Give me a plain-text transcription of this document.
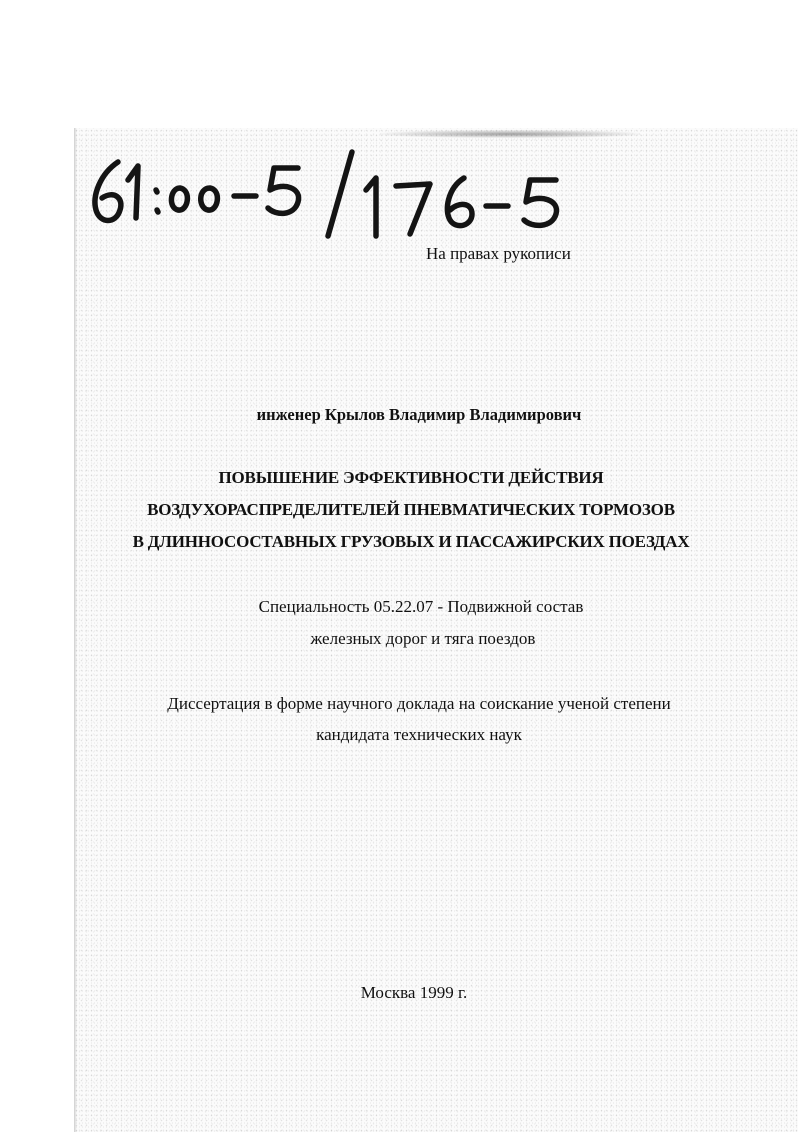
На правах рукописи
инженер Крылов Владимир Владимирович
ПОВЫШЕНИЕ ЭФФЕКТИВНОСТИ ДЕЙСТВИЯ
ВОЗДУХОРАСПРЕДЕЛИТЕЛЕЙ ПНЕВМАТИЧЕСКИХ ТОРМОЗОВ
В ДЛИННОСОСТАВНЫХ ГРУЗОВЫХ И ПАССАЖИРСКИХ ПОЕЗДАХ
Специальность 05.22.07 - Подвижной состав
железных дорог и тяга поездов
Диссертация в форме научного доклада на соискание ученой степени
кандидата технических наук
Москва 1999 г.
